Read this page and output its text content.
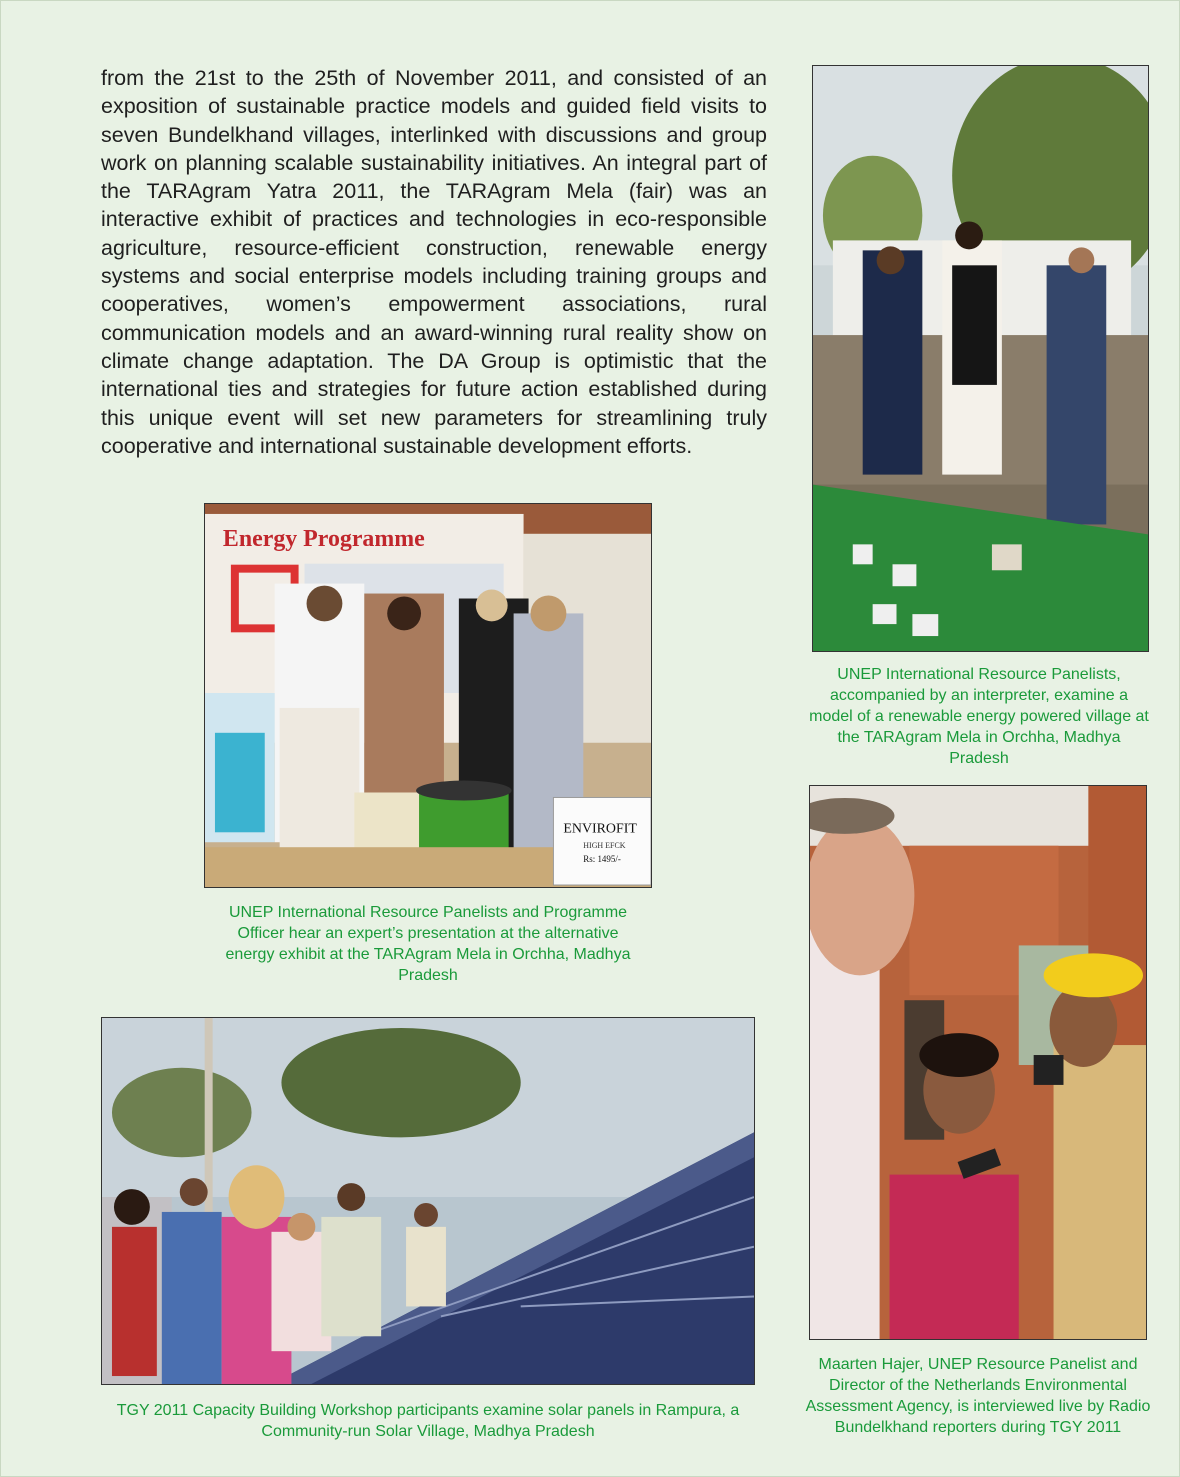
from the 21st to the 25th of November 2011, and consisted of an exposition of sustainable practice models and guided field visits to seven Bundelkhand villages, interlinked with discussions and group work on planning scalable sustainability initiatives. An integral part of the TARAgram Yatra 2011, the TARAgram Mela (fair) was an interactive exhibit of practices and technologies in eco-responsible agriculture, resource-efficient construction, renewable energy systems and social enterprise models including training groups and cooperatives, women’s empowerment associations, rural communication models and an award-winning rural reality show on climate change adaptation. The DA Group is optimistic that the international ties and strategies for future action established during this unique event will set new parameters for streamlining truly cooperative and international sustainable development efforts.

UNEP International Resource Panelists, accompanied by an interpreter, examine a model of a renewable energy powered village at the TARAgram Mela in Orchha, Madhya Pradesh

Energy Programme
ENVIROFIT
HIGH EFCK
Rs: 1495/-

UNEP International Resource Panelists and Programme Officer hear an expert’s presentation at the alternative energy exhibit at the TARAgram Mela in Orchha, Madhya Pradesh

Maarten Hajer, UNEP Resource Panelist and Director of the Netherlands Environmental Assessment Agency, is interviewed live by Radio Bundelkhand reporters during TGY 2011

TGY 2011 Capacity Building Workshop participants examine solar panels in Rampura, a Community-run Solar Village, Madhya Pradesh
